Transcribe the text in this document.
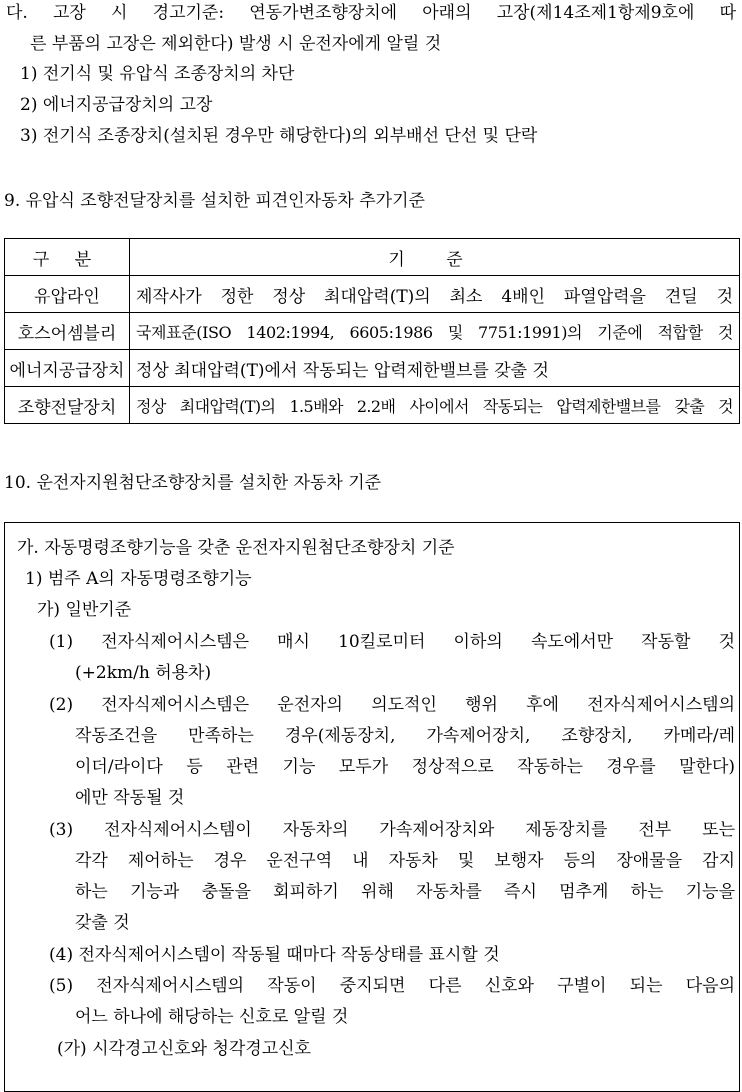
다. 고장 시 경고기준: 연동가변조향장치에 아래의 고장(제14조제1항제9호에 따
른 부품의 고장은 제외한다) 발생 시 운전자에게 알릴 것
1) 전기식 및 유압식 조종장치의 차단
2) 에너지공급장치의 고장
3) 전기식 조종장치(설치된 경우만 해당한다)의 외부배선 단선 및 단락
9. 유압식 조향전달장치를 설치한 피견인자동차 추가기준
구 분	기 준
유압라인	제작사가 정한 정상 최대압력(T)의 최소 4배인 파열압력을 견딜 것
호스어셈블리	국제표준(ISO 1402:1994, 6605:1986 및 7751:1991)의 기준에 적합할 것
에너지공급장치	정상 최대압력(T)에서 작동되는 압력제한밸브를 갖출 것
조향전달장치	정상 최대압력(T)의 1.5배와 2.2배 사이에서 작동되는 압력제한밸브를 갖출 것
10. 운전자지원첨단조향장치를 설치한 자동차 기준
가. 자동명령조향기능을 갖춘 운전자지원첨단조향장치 기준
1) 범주 A의 자동명령조향기능
가) 일반기준
(1) 전자식제어시스템은 매시 10킬로미터 이하의 속도에서만 작동할 것
(+2km/h 허용차)
(2) 전자식제어시스템은 운전자의 의도적인 행위 후에 전자식제어시스템의
작동조건을 만족하는 경우(제동장치, 가속제어장치, 조향장치, 카메라/레
이더/라이다 등 관련 기능 모두가 정상적으로 작동하는 경우를 말한다)
에만 작동될 것
(3) 전자식제어시스템이 자동차의 가속제어장치와 제동장치를 전부 또는
각각 제어하는 경우 운전구역 내 자동차 및 보행자 등의 장애물을 감지
하는 기능과 충돌을 회피하기 위해 자동차를 즉시 멈추게 하는 기능을
갖출 것
(4) 전자식제어시스템이 작동될 때마다 작동상태를 표시할 것
(5) 전자식제어시스템의 작동이 중지되면 다른 신호와 구별이 되는 다음의
어느 하나에 해당하는 신호로 알릴 것
(가) 시각경고신호와 청각경고신호
